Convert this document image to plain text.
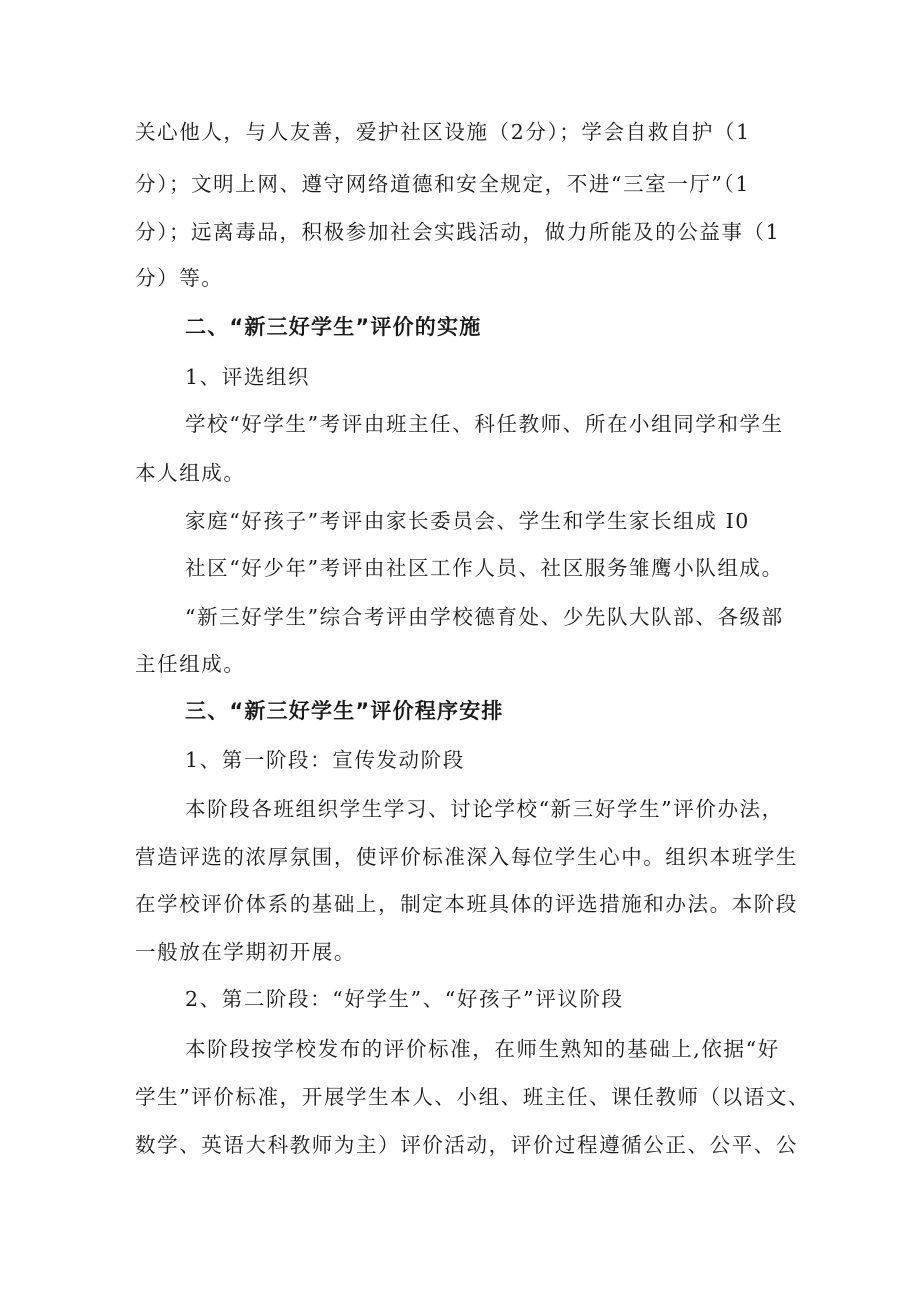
关心他人，与人友善，爱护社区设施（2分）；学会自救自护（1
分）；文明上网、遵守网络道德和安全规定，不进“三室一厅”（1
分）；远离毒品，积极参加社会实践活动，做力所能及的公益事（1
分）等。
二、“新三好学生”评价的实施
1、评选组织
学校“好学生”考评由班主任、科任教师、所在小组同学和学生
本人组成。
家庭“好孩子”考评由家长委员会、学生和学生家长组成 I0
社区“好少年”考评由社区工作人员、社区服务雏鹰小队组成。
“新三好学生”综合考评由学校德育处、少先队大队部、各级部
主任组成。
三、“新三好学生”评价程序安排
1、第一阶段：宣传发动阶段
本阶段各班组织学生学习、讨论学校“新三好学生”评价办法，
营造评选的浓厚氛围，使评价标准深入每位学生心中。组织本班学生
在学校评价体系的基础上，制定本班具体的评选措施和办法。本阶段
一般放在学期初开展。
2、第二阶段：“好学生”、“好孩子”评议阶段
本阶段按学校发布的评价标准，在师生熟知的基础上,依据“好
学生”评价标准，开展学生本人、小组、班主任、课任教师（以语文、
数学、英语大科教师为主）评价活动，评价过程遵循公正、公平、公
